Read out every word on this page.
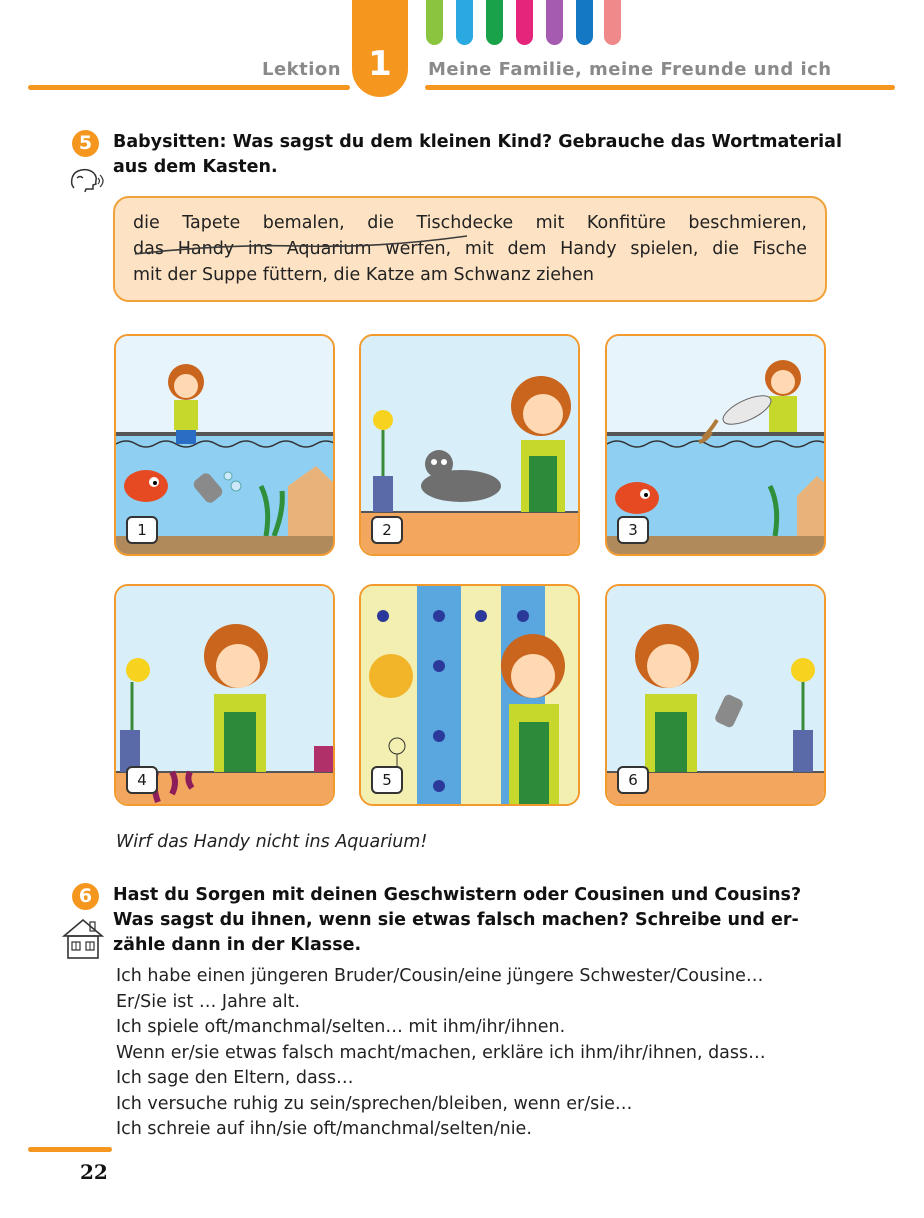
Lektion 1	Meine Familie, meine Freunde und ich
5	Babysitten: Was sagst du dem kleinen Kind? Gebrauche das Wortmaterial
aus dem Kasten.
die Tapete bemalen, die Tischdecke mit Konfitüre beschmieren,
das Handy ins Aquarium werfen, mit dem Handy spielen, die Fische
mit der Suppe füttern, die Katze am Schwanz ziehen
1	2	3
4	5	6
Wirf das Handy nicht ins Aquarium!
6	Hast du Sorgen mit deinen Geschwistern oder Cousinen und Cousins?
Was sagst du ihnen, wenn sie etwas falsch machen? Schreibe und er-
zähle dann in der Klasse.
Ich habe einen jüngeren Bruder/Cousin/eine jüngere Schwester/Cousine…
Er/Sie ist … Jahre alt.
Ich spiele oft/manchmal/selten… mit ihm/ihr/ihnen.
Wenn er/sie etwas falsch macht/machen, erkläre ich ihm/ihr/ihnen, dass…
Ich sage den Eltern, dass…
Ich versuche ruhig zu sein/sprechen/bleiben, wenn er/sie…
Ich schreie auf ihn/sie oft/manchmal/selten/nie.
22
